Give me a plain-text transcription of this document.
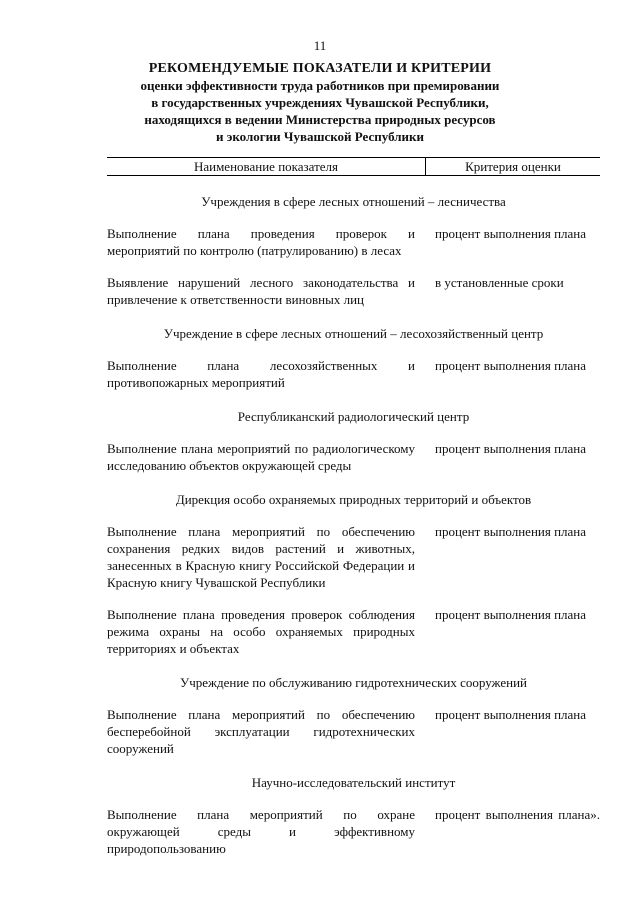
11
РЕКОМЕНДУЕМЫЕ ПОКАЗАТЕЛИ И КРИТЕРИИ
оценки эффективности труда работников при премировании
в государственных учреждениях Чувашской Республики,
находящихся в ведении Министерства природных ресурсов
и экологии Чувашской Республики
Наименование показателя	Критерия оценки
Учреждения в сфере лесных отношений – лесничества
Выполнение плана проведения проверок и мероприятий по контролю (патрулированию) в лесах
процент выполнения плана
Выявление нарушений лесного законодательства и привлечение к ответственности виновных лиц
в установленные сроки
Учреждение в сфере лесных отношений – лесохозяйственный центр
Выполнение плана лесохозяйственных и противопожарных мероприятий
процент выполнения плана
Республиканский радиологический центр
Выполнение плана мероприятий по радиологическому исследованию объектов окружающей среды
процент выполнения плана
Дирекция особо охраняемых природных территорий и объектов
Выполнение плана мероприятий по обеспечению сохранения редких видов растений и животных, занесенных в Красную книгу Российской Федерации и Красную книгу Чувашской Республики
процент выполнения плана
Выполнение плана проведения проверок соблюдения режима охраны на особо охраняемых природных территориях и объектах
процент выполнения плана
Учреждение по обслуживанию гидротехнических сооружений
Выполнение плана мероприятий по обеспечению бесперебойной эксплуатации гидротехнических сооружений
процент выполнения плана
Научно-исследовательский институт
Выполнение плана мероприятий по охране окружающей среды и эффективному природопользованию
процент выполнения плана».
